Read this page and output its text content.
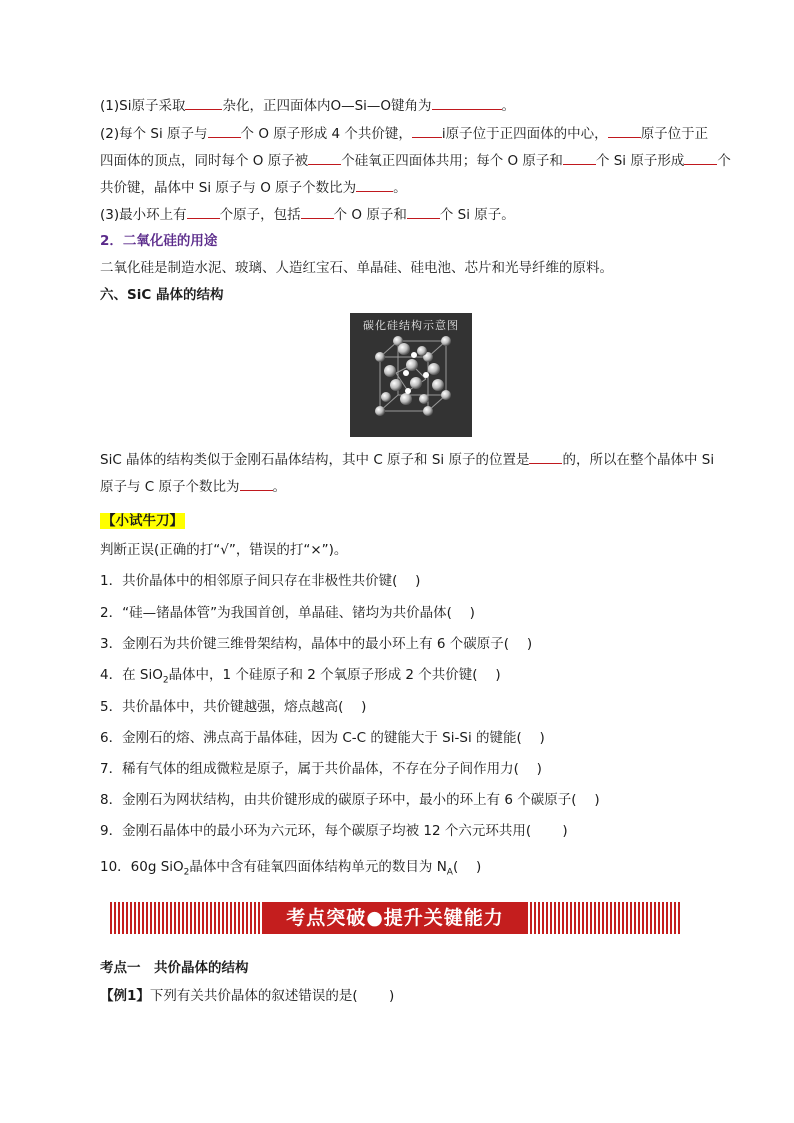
(1)Si原子采取	杂化，正四面体内O—Si—O键角为	。
(2)每个 Si 原子与 个 O 原子形成 4 个共价键， i原子位于正四面体的中心， 原子位于正
四面体的顶点，同时每个 O 原子被 个硅氧正四面体共用；每个 O 原子和 个 Si 原子形成 个
共价键，晶体中 Si 原子与 O 原子个数比为	。
(3)最小环上有 个原子，包括 个 O 原子和 个 Si 原子。
2．二氧化硅的用途
二氧化硅是制造水泥、玻璃、人造红宝石、单晶硅、硅电池、芯片和光导纤维的原料。
六、SiC 晶体的结构
碳化硅结构示意图
SiC 晶体的结构类似于金刚石晶体结构，其中 C 原子和 Si 原子的位置是 的，所以在整个晶体中 Si
原子与 C 原子个数比为 。
【小试牛刀】
判断正误(正确的打“√”，错误的打“×”)。
1．共价晶体中的相邻原子间只存在非极性共价键(　 )
2．“硅—锗晶体管”为我国首创，单晶硅、锗均为共价晶体(　 )
3．金刚石为共价键三维骨架结构，晶体中的最小环上有 6 个碳原子(　 )
4．在 SiO$_2$晶体中，1 个硅原子和 2 个氧原子形成 2 个共价键(　 )
5．共价晶体中，共价键越强，熔点越高(　 )
6．金刚石的熔、沸点高于晶体硅，因为 C-C 的键能大于 Si-Si 的键能(　 )
7．稀有气体的组成微粒是原子，属于共价晶体，不存在分子间作用力(　 )
8．金刚石为网状结构，由共价键形成的碳原子环中，最小的环上有 6 个碳原子(　 )
9．金刚石晶体中的最小环为六元环，每个碳原子均被 12 个六元环共用(　 　)
10．60g SiO$_2$晶体中含有硅氧四面体结构单元的数目为 $N_A$(　 )
考点突破●提升关键能力
考点一　共价晶体的结构
【例1】下列有关共价晶体的叙述错误的是(　 　)
